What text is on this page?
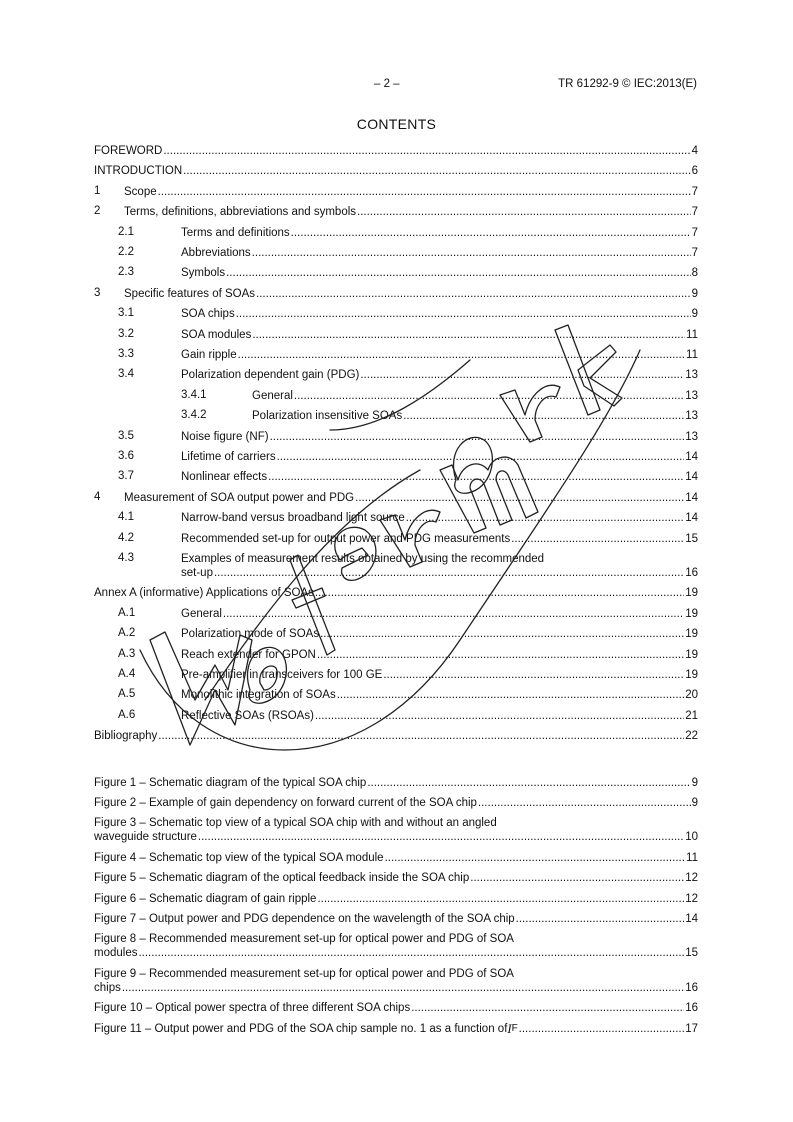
– 2 –	TR 61292-9 © IEC:2013(E)
CONTENTS
FOREWORD .....	4
INTRODUCTION .....	6
1 Scope .....	7
2 Terms, definitions, abbreviations and symbols .....	7
2.1	Terms and definitions .....	7
2.2	Abbreviations .....	7
2.3	Symbols .....	8
3 Specific features of SOAs .....	9
3.1	SOA chips .....	9
3.2	SOA modules .....	11
3.3	Gain ripple .....	11
3.4	Polarization dependent gain (PDG) .....	13
3.4.1	General .....	13
3.4.2	Polarization insensitive SOAs .....	13
3.5	Noise figure (NF) .....	13
3.6	Lifetime of carriers .....	14
3.7	Nonlinear effects .....	14
4 Measurement of SOA output power and PDG .....	14
4.1	Narrow-band versus broadband light source .....	14
4.2	Recommended set-up for output power and PDG measurements .....	15
4.3	Examples of measurement results obtained by using the recommended
set-up .....	16
Annex A (informative) Applications of SOAs .....	19
A.1	General .....	19
A.2	Polarization mode of SOAs .....	19
A.3	Reach extender for GPON .....	19
A.4	Pre-amplifier in transceivers for 100 GE .....	19
A.5	Monolithic integration of SOAs .....	20
A.6	Reflective SOAs (RSOAs) .....	21
Bibliography .....	22
Figure 1 – Schematic diagram of the typical SOA chip .....	9
Figure 2 – Example of gain dependency on forward current of the SOA chip .....	9
Figure 3 – Schematic top view of a typical SOA chip with and without an angled
waveguide structure .....	10
Figure 4 – Schematic top view of the typical SOA module .....	11
Figure 5 – Schematic diagram of the optical feedback inside the SOA chip .....	12
Figure 6 – Schematic diagram of gain ripple .....	12
Figure 7 – Output power and PDG dependence on the wavelength of the SOA chip .....	14
Figure 8 – Recommended measurement set-up for optical power and PDG of SOA
modules .....	15
Figure 9 – Recommended measurement set-up for optical power and PDG of SOA
chips .....	16
Figure 10 – Optical power spectra of three different SOA chips .....	16
Figure 11 – Output power and PDG of the SOA chip sample no. 1 as a function of I F .....	17
